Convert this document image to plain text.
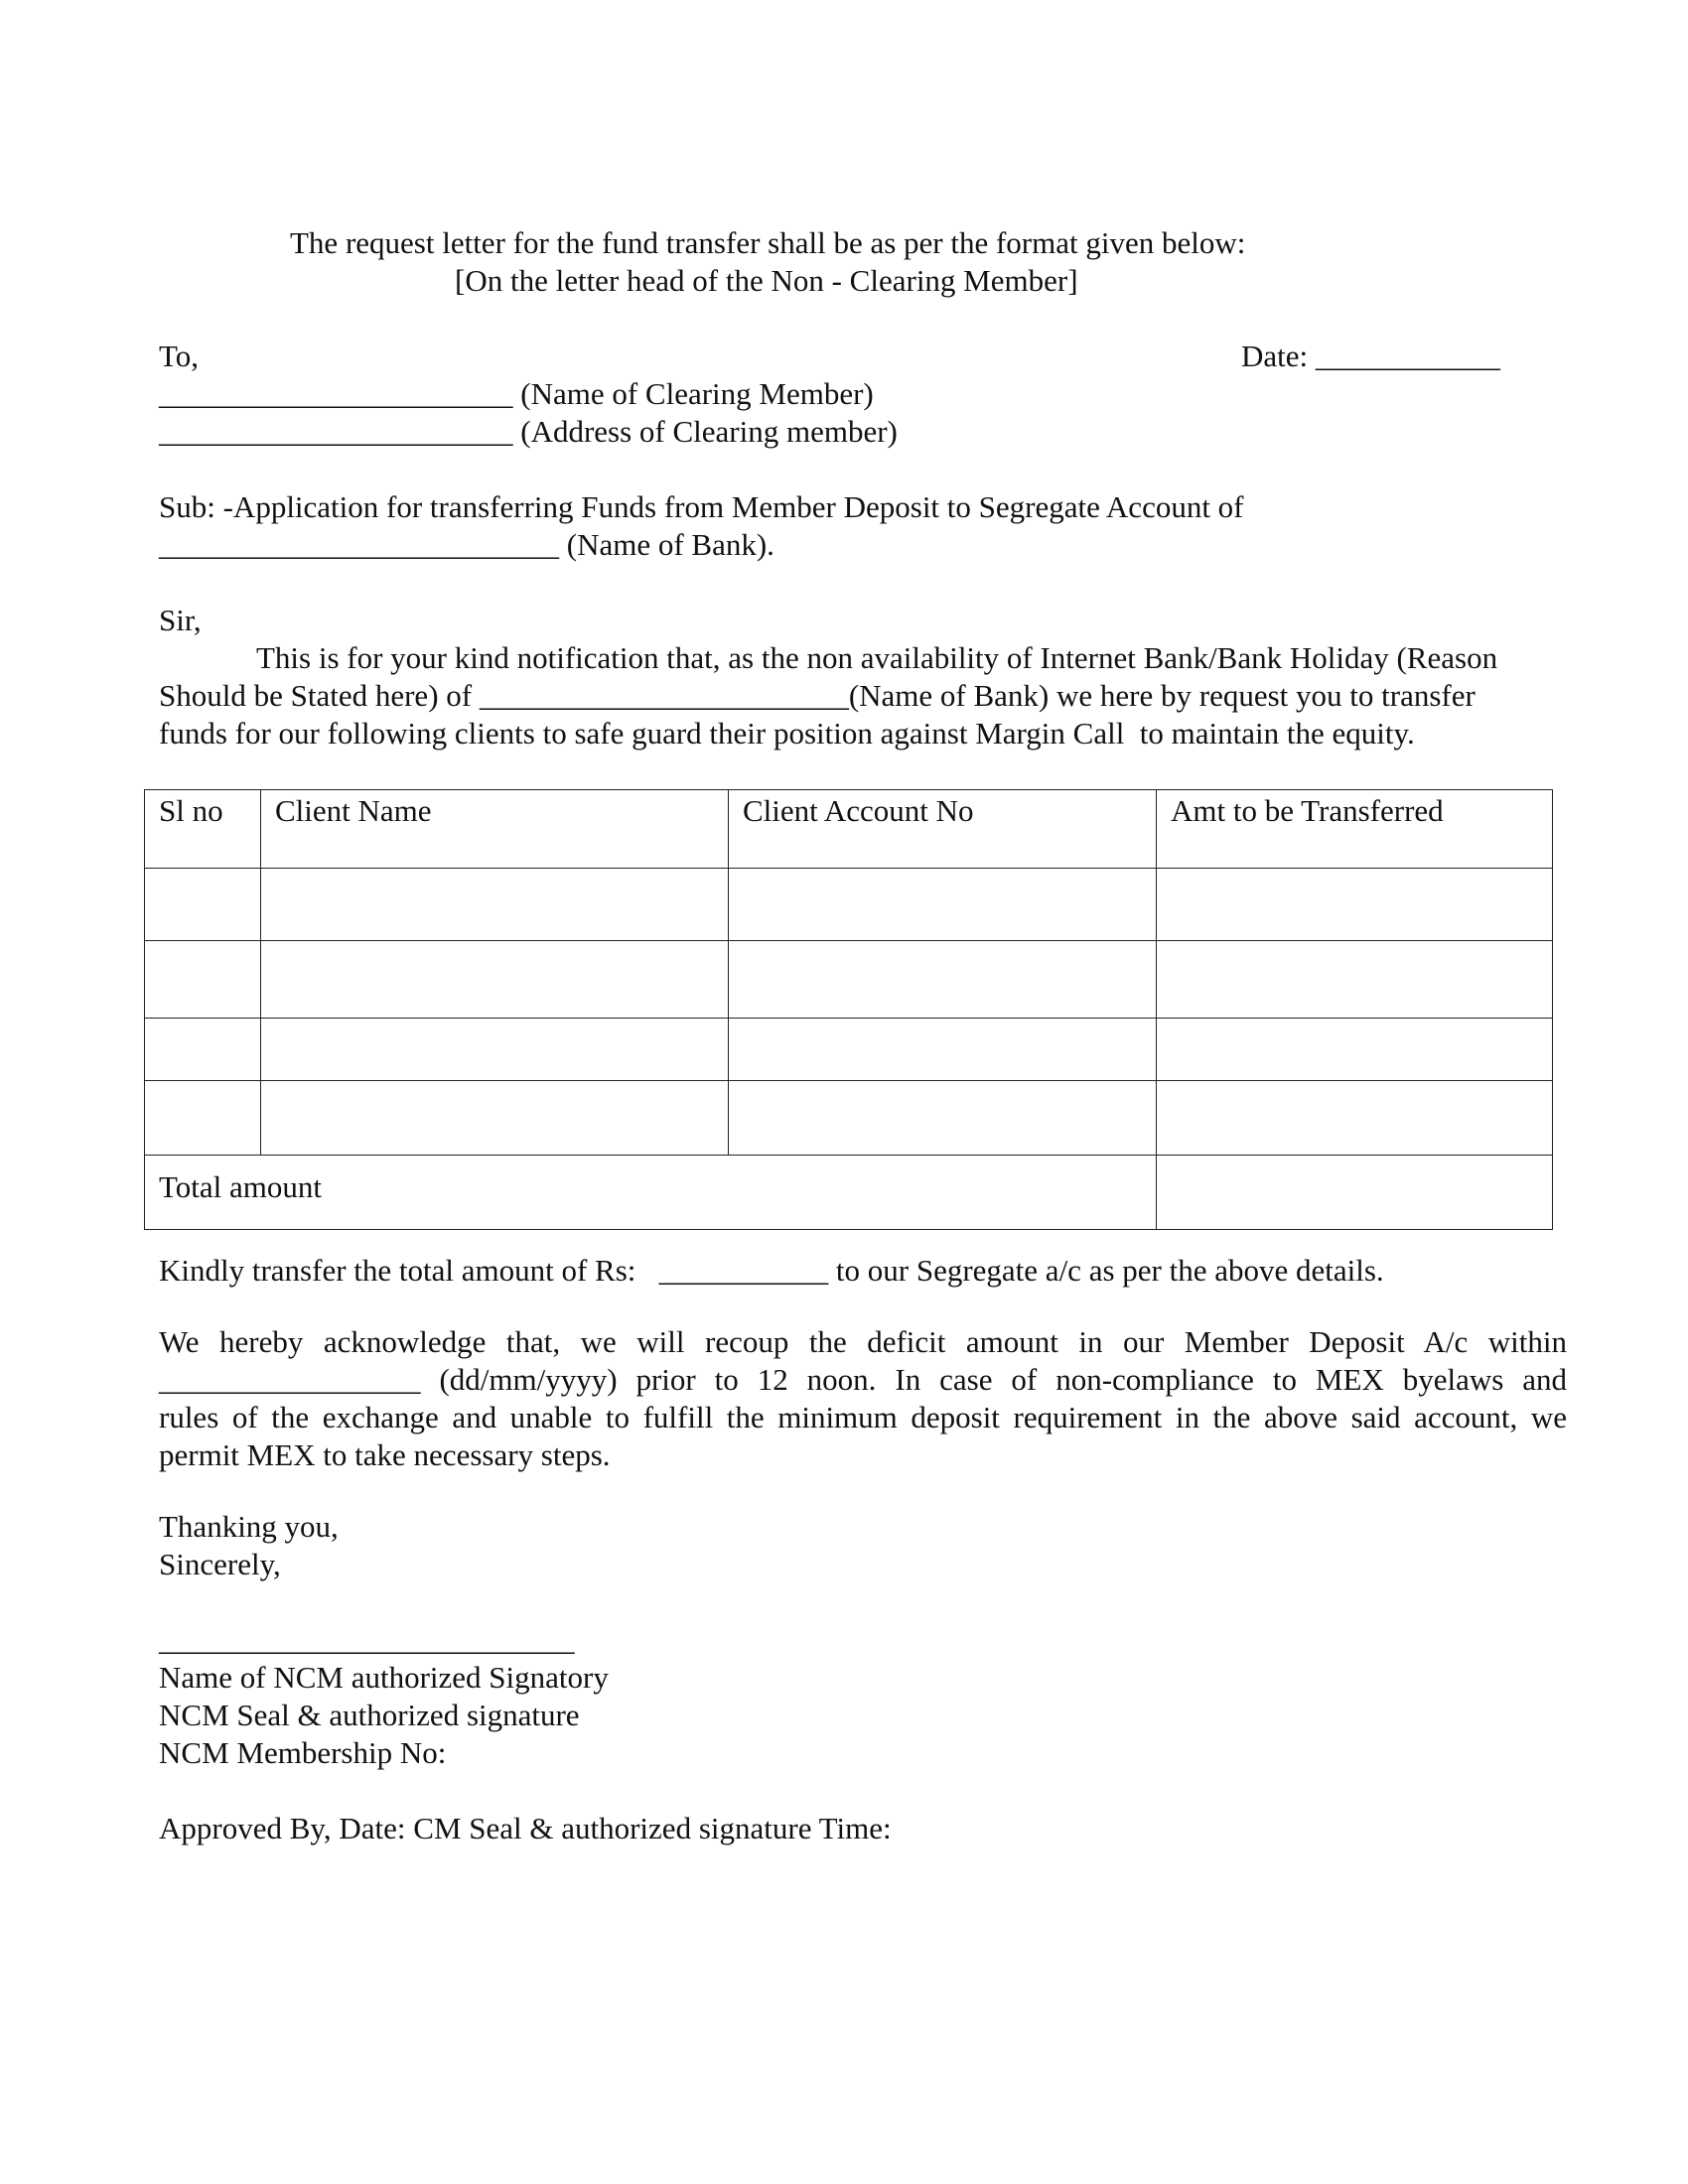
The request letter for the fund transfer shall be as per the format given below:
[On the letter head of the Non - Clearing Member]
To,	Date: ____________
_______________________ (Name of Clearing Member)
_______________________ (Address of Clearing member)
Sub: -Application for transferring Funds from Member Deposit to Segregate Account of
__________________________ (Name of Bank).
Sir,
This is for your kind notification that, as the non availability of Internet Bank/Bank Holiday (Reason
Should be Stated here) of ________________________(Name of Bank) we here by request you to transfer
funds for our following clients to safe guard their position against Margin Call  to maintain the equity.
Sl no	Client Name	Client Account No	Amt to be Transferred

Total amount			
Kindly transfer the total amount of Rs:   ___________ to our Segregate a/c as per the above details.
We hereby acknowledge that, we will recoup the deficit amount in our Member Deposit A/c within
_________________ (dd/mm/yyyy) prior to 12 noon. In case of non-compliance to MEX byelaws and
rules of the exchange and unable to fulfill the minimum deposit requirement in the above said account, we
permit MEX to take necessary steps.
Thanking you,
Sincerely,
___________________________
Name of NCM authorized Signatory
NCM Seal & authorized signature
NCM Membership No:
Approved By, Date: CM Seal & authorized signature Time:
